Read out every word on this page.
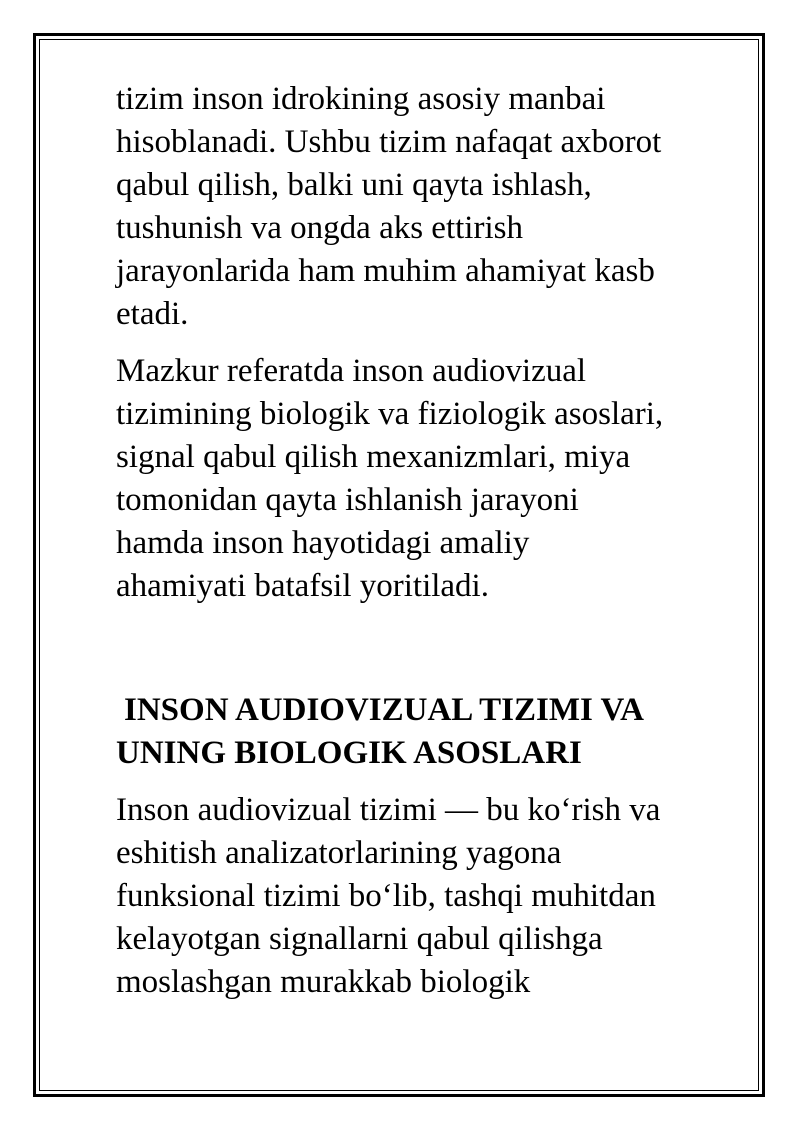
tizim inson idrokining asosiy manbai
hisoblanadi. Ushbu tizim nafaqat axborot
qabul qilish, balki uni qayta ishlash,
tushunish va ongda aks ettirish
jarayonlarida ham muhim ahamiyat kasb
etadi.

Mazkur referatda inson audiovizual
tizimining biologik va fiziologik asoslari,
signal qabul qilish mexanizmlari, miya
tomonidan qayta ishlanish jarayoni
hamda inson hayotidagi amaliy
ahamiyati batafsil yoritiladi.

INSON AUDIOVIZUAL TIZIMI VA
UNING BIOLOGIK ASOSLARI

Inson audiovizual tizimi — bu koʻrish va
eshitish analizatorlarining yagona
funksional tizimi boʻlib, tashqi muhitdan
kelayotgan signallarni qabul qilishga
moslashgan murakkab biologik
